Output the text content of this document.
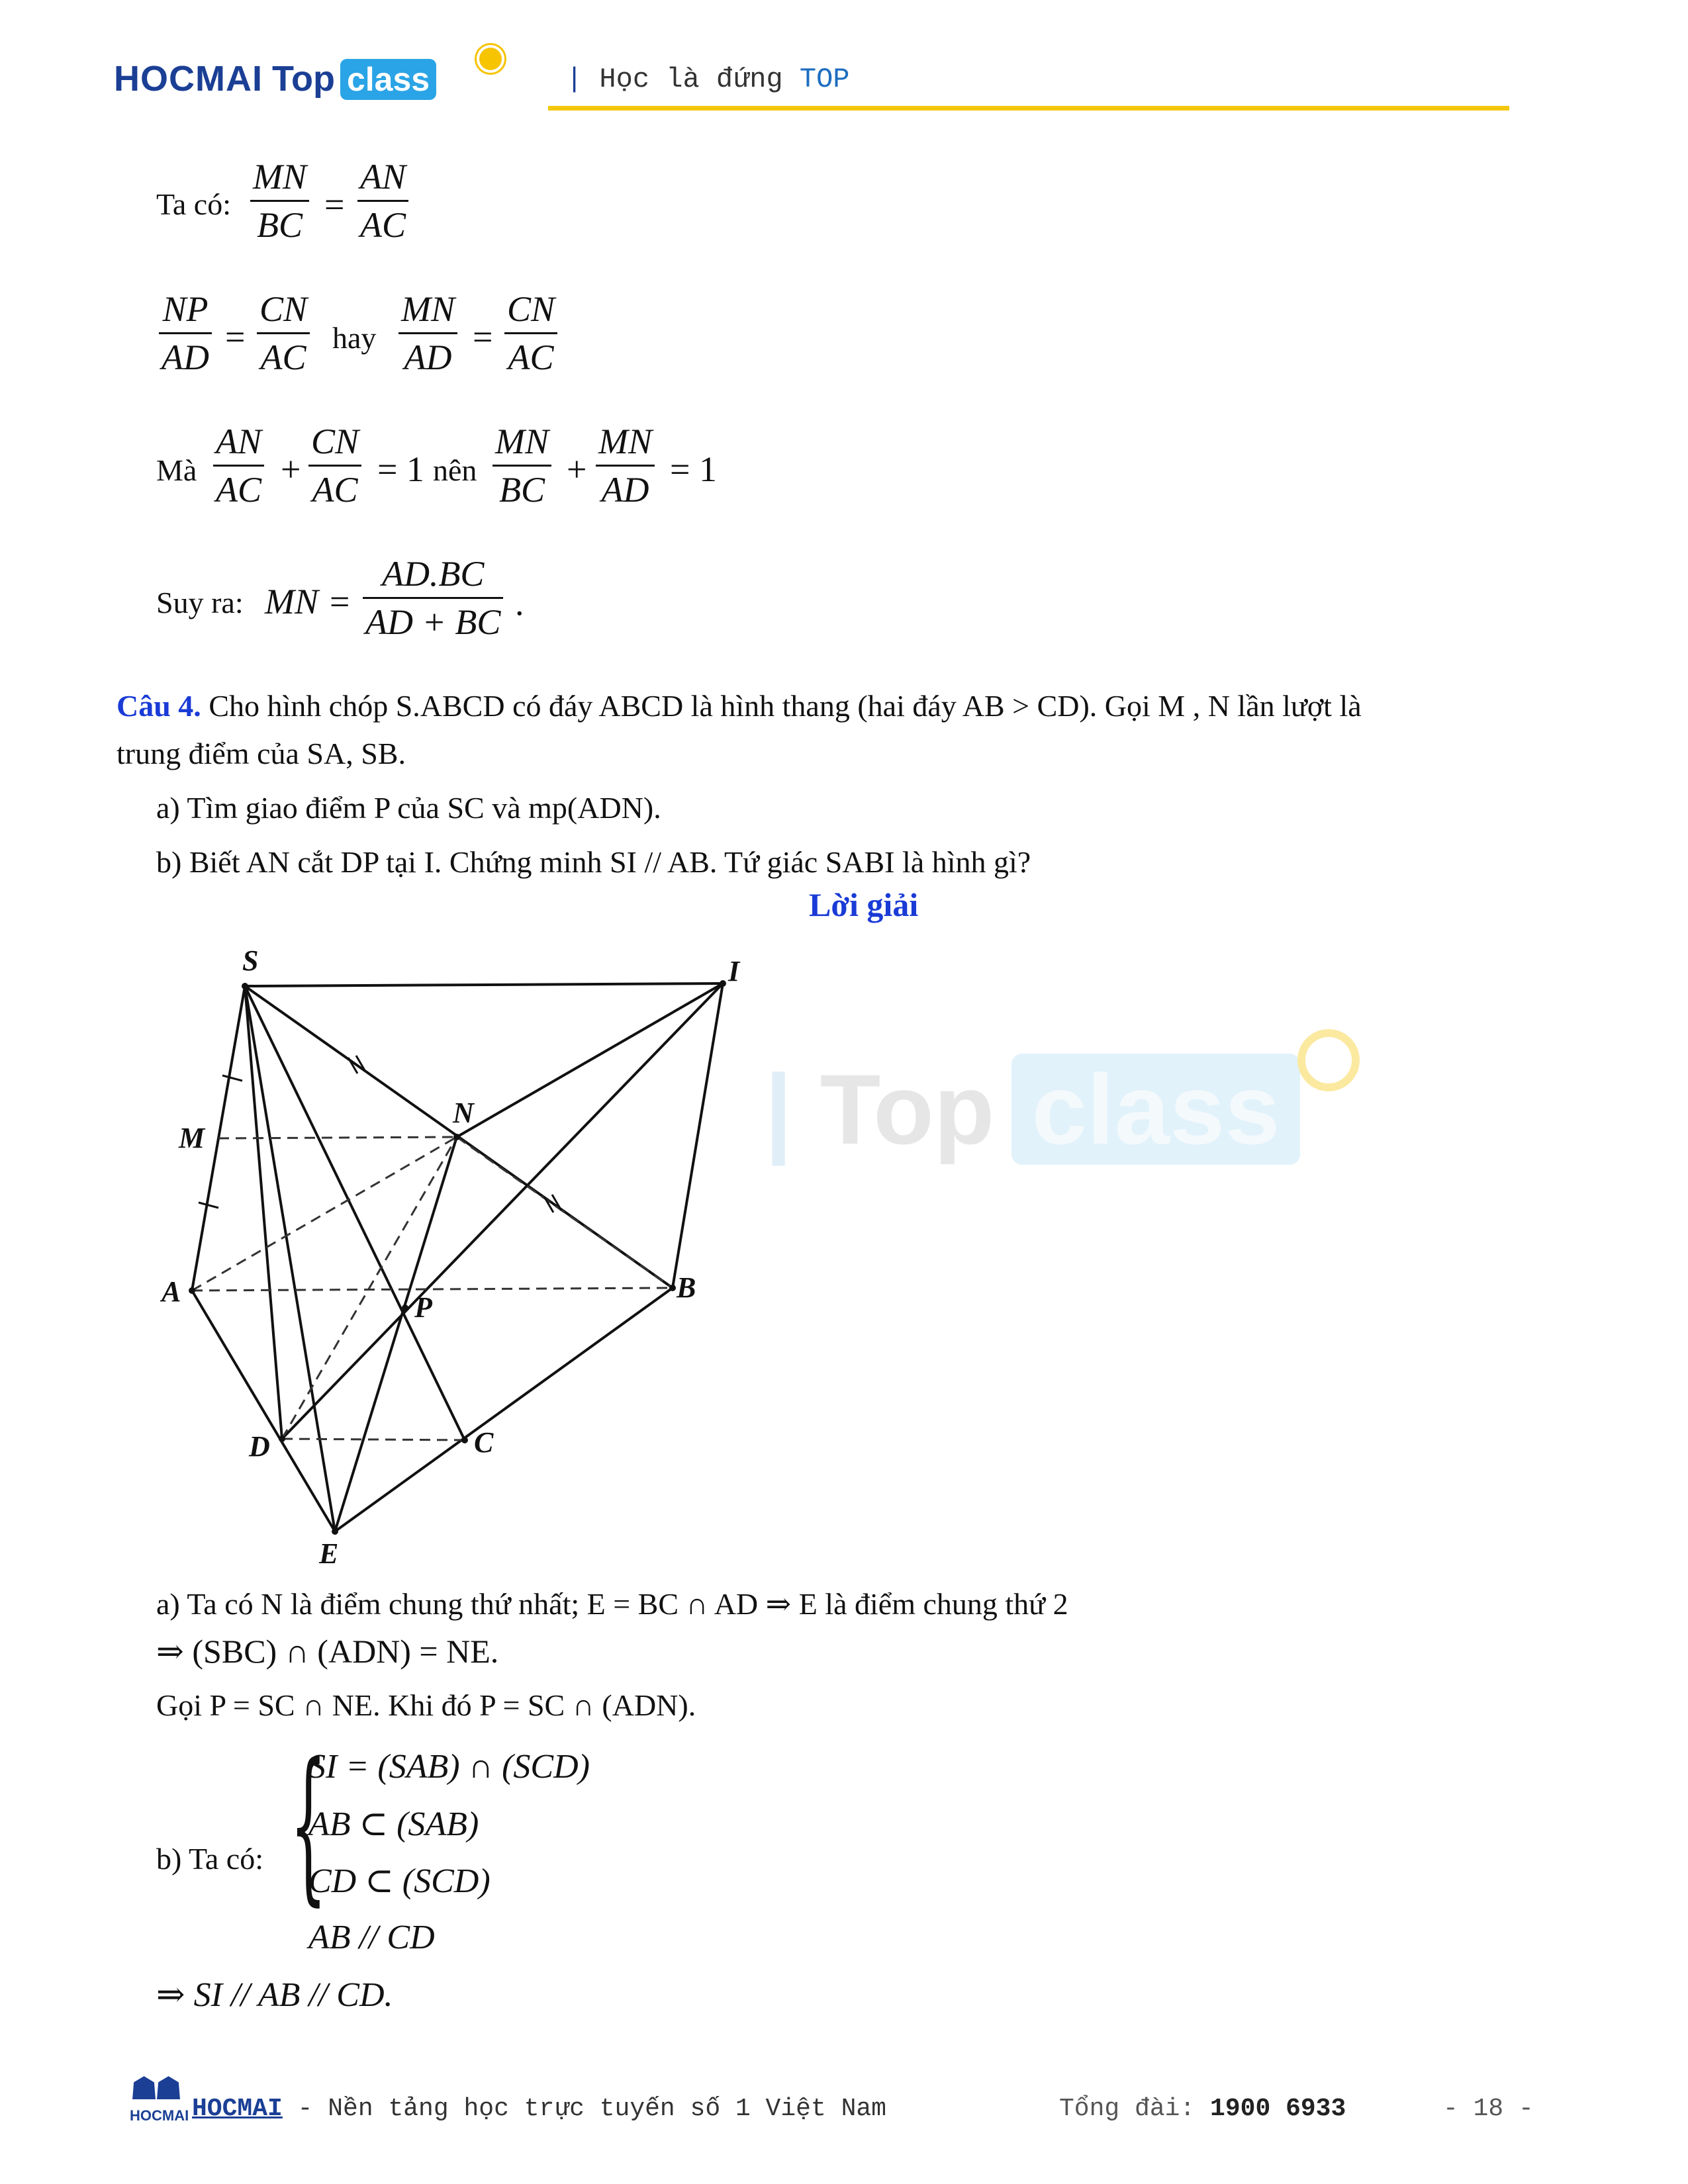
HOCMAI Top class	| Học là đứng TOP
| Top class
Ta có: $\frac{MN}{BC} = \frac{AN}{AC}$
$\frac{NP}{AD} = \frac{CN}{AC}$ hay $\frac{MN}{AD} = \frac{CN}{AC}$
Mà $\frac{AN}{AC} + \frac{CN}{AC} = 1$ nên $\frac{MN}{BC} + \frac{MN}{AD} = 1$
Suy ra: MN = $\frac{AD.BC}{AD + BC}$ .
Câu 4. Cho hình chóp S.ABCD có đáy ABCD là hình thang (hai đáy AB > CD). Gọi M , N lần lượt là
trung điểm của SA, SB.
a) Tìm giao điểm P của SC và mp(ADN).
b) Biết AN cắt DP tại I. Chứng minh SI // AB. Tứ giác SABI là hình gì?
Lời giải
S	I
M
N
A	B
P
D	C
E
a) Ta có N là điểm chung thứ nhất; E = BC ∩ AD ⇒ E là điểm chung thứ 2
⇒ (SBC) ∩ (ADN) = NE.
Gọi P = SC ∩ NE. Khi đó P = SC ∩ (ADN).
b) Ta có: {
SI = (SAB) ∩ (SCD)
AB ⊂ (SAB)
CD ⊂ (SCD)
AB // CD
⇒ SI // AB // CD.
☗☗
HOCMAI HOCMAI - Nền tảng học trực tuyến số 1 Việt Nam	Tổng đài: 1900 6933	- 18 -
